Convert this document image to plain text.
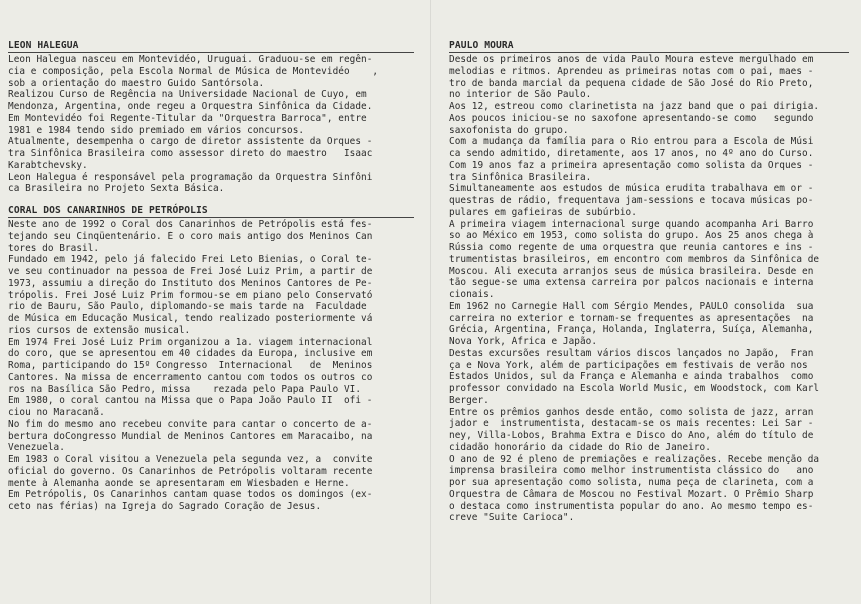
LEON HALEGUA
Leon Halegua nasceu em Montevidéo, Uruguai. Graduou-se em regên-
cia e composição, pela Escola Normal de Música de Montevidéo    ,
sob a orientação do maestro Guido Santórsola.
Realizou Curso de Regência na Universidade Nacional de Cuyo, em
Mendonza, Argentina, onde regeu a Orquestra Sinfônica da Cidade.
Em Montevidéo foi Regente-Titular da "Orquestra Barroca", entre
1981 e 1984 tendo sido premiado em vários concursos.
Atualmente, desempenha o cargo de diretor assistente da Orques -
tra Sinfônica Brasileira como assessor direto do maestro   Isaac
Karabtchevsky.
Leon Halegua é responsável pela programação da Orquestra Sinfôni
ca Brasileira no Projeto Sexta Básica.
CORAL DOS CANARINHOS DE PETRÓPOLIS
Neste ano de 1992 o Coral dos Canarinhos de Petrópolis está fes-
tejando seu Cinqüentenário. É o coro mais antigo dos Meninos Can
tores do Brasil.
Fundado em 1942, pelo já falecido Frei Leto Bienias, o Coral te-
ve seu continuador na pessoa de Frei José Luiz Prim, a partir de
1973, assumiu a direção do Instituto dos Meninos Cantores de Pe-
trópolis. Frei José Luiz Prim formou-se em piano pelo Conservató
rio de Bauru, São Paulo, diplomando-se mais tarde na  Faculdade
de Música em Educação Musical, tendo realizado posteriormente vá
rios cursos de extensão musical.
Em 1974 Frei José Luiz Prim organizou a 1a. viagem internacional
do coro, que se apresentou em 40 cidades da Europa, inclusive em
Roma, participando do 15º Congresso  Internacional   de  Meninos
Cantores. Na missa de encerramento cantou com todos os outros co
ros na Basílica São Pedro, missa    rezada pelo Papa Paulo VI.
Em 1980, o coral cantou na Missa que o Papa João Paulo II  ofi -
ciou no Maracanã.
No fim do mesmo ano recebeu convite para cantar o concerto de a-
bertura doCongresso Mundial de Meninos Cantores em Maracaibo, na
Venezuela.
Em 1983 o Coral visitou a Venezuela pela segunda vez, a  convite
oficial do governo. Os Canarinhos de Petrópolis voltaram recente
mente à Alemanha aonde se apresentaram em Wiesbaden e Herne.
Em Petrópolis, Os Canarinhos cantam quase todos os domingos (ex-
ceto nas férias) na Igreja do Sagrado Coração de Jesus.
PAULO MOURA
Desde os primeiros anos de vida Paulo Moura esteve mergulhado em
melodias e ritmos. Aprendeu as primeiras notas com o pai, maes -
tro de banda marcial da pequena cidade de São José do Rio Preto,
no interior de São Paulo.
Aos 12, estreou como clarinetista na jazz band que o pai dirigia.
Aos poucos iniciou-se no saxofone apresentando-se como   segundo
saxofonista do grupo.
Com a mudança da família para o Rio entrou para a Escola de Músi
ca sendo admitido, diretamente, aos 17 anos, no 4º ano do Curso.
Com 19 anos faz a primeira apresentação como solista da Orques -
tra Sinfônica Brasileira.
Simultaneamente aos estudos de música erudita trabalhava em or -
questras de rádio, frequentava jam-sessions e tocava músicas po-
pulares em gafieiras de subúrbio.
A primeira viagem internacional surge quando acompanha Ari Barro
so ao México em 1953, como solista do grupo. Aos 25 anos chega à
Rússia como regente de uma orquestra que reunia cantores e ins -
trumentistas brasileiros, em encontro com membros da Sinfônica de
Moscou. Ali executa arranjos seus de música brasileira. Desde en
tão segue-se uma extensa carreira por palcos nacionais e interna
cionais.
Em 1962 no Carnegie Hall com Sérgio Mendes, PAULO consolida  sua
carreira no exterior e tornam-se frequentes as apresentações  na
Grécia, Argentina, França, Holanda, Inglaterra, Suíça, Alemanha,
Nova York, África e Japão.
Destas excursões resultam vários discos lançados no Japão,  Fran
ça e Nova York, além de participações em festivais de verão nos
Estados Unidos, sul da França e Alemanha e ainda trabalhos  como
professor convidado na Escola World Music, em Woodstock, com Karl
Berger.
Entre os prêmios ganhos desde então, como solista de jazz, arran
jador e  instrumentista, destacam-se os mais recentes: Lei Sar -
ney, Villa-Lobos, Brahma Extra e Disco do Ano, além do título de
cidadão honorário da cidade do Rio de Janeiro.
O ano de 92 é pleno de premiações e realizações. Recebe menção da
imprensa brasileira como melhor instrumentista clássico do   ano
por sua apresentação como solista, numa peça de clarineta, com a
Orquestra de Câmara de Moscou no Festival Mozart. O Prêmio Sharp
o destaca como instrumentista popular do ano. Ao mesmo tempo es-
creve "Suite Carioca".
